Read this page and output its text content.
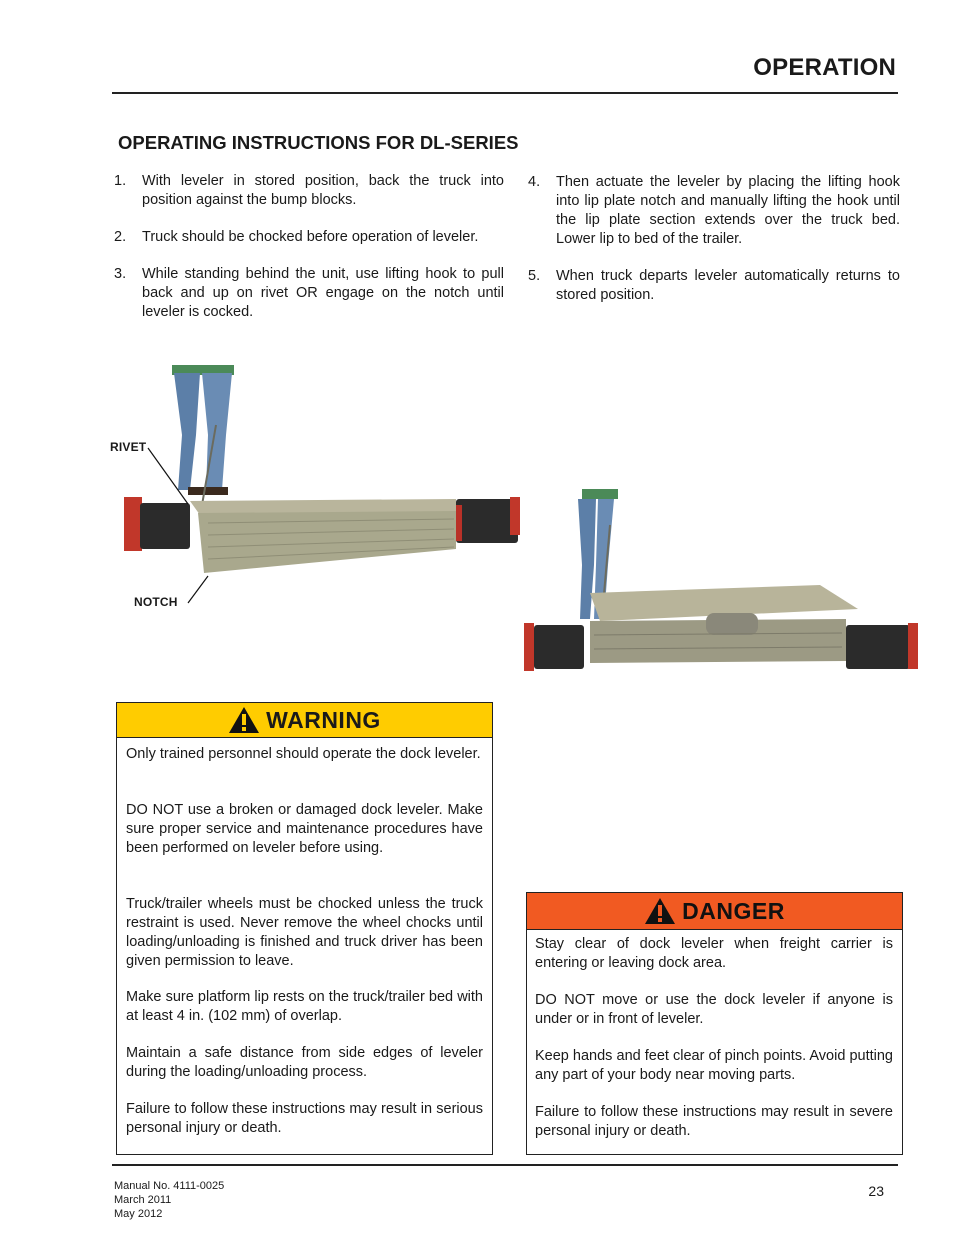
OPERATION
OPERATING INSTRUCTIONS FOR DL-SERIES
1. With leveler in stored position, back the truck into position against the bump blocks.
2. Truck should be chocked before operation of leveler.
3. While standing behind the unit, use lifting hook to pull back and up on rivet OR engage on the notch until leveler is cocked.
4. Then actuate the leveler by placing the lifting hook into lip plate notch and manually lifting the hook until the lip plate section extends over the truck bed. Lower lip to bed of the trailer.
5. When truck departs leveler automatically returns to stored position.
RIVET
NOTCH
WARNING
Only trained personnel should operate the dock leveler.
DO NOT use a broken or damaged dock leveler. Make sure proper service and maintenance procedures have been performed on leveler before using.
Truck/trailer wheels must be chocked unless the truck restraint is used. Never remove the wheel chocks until loading/unloading is finished and truck driver has been given permission to leave.
Make sure platform lip rests on the truck/trailer bed with at least 4 in. (102 mm) of overlap.
Maintain a safe distance from side edges of leveler during the loading/unloading process.
Failure to follow these instructions may result in serious personal injury or death.
DANGER
Stay clear of dock leveler when freight carrier is entering or leaving dock area.
DO NOT move or use the dock leveler if anyone is under or in front of leveler.
Keep hands and feet clear of pinch points. Avoid putting any part of your body near moving parts.
Failure to follow these instructions may result in severe personal injury or death.
Manual No. 4111-0025
March 2011
May 2012
23
